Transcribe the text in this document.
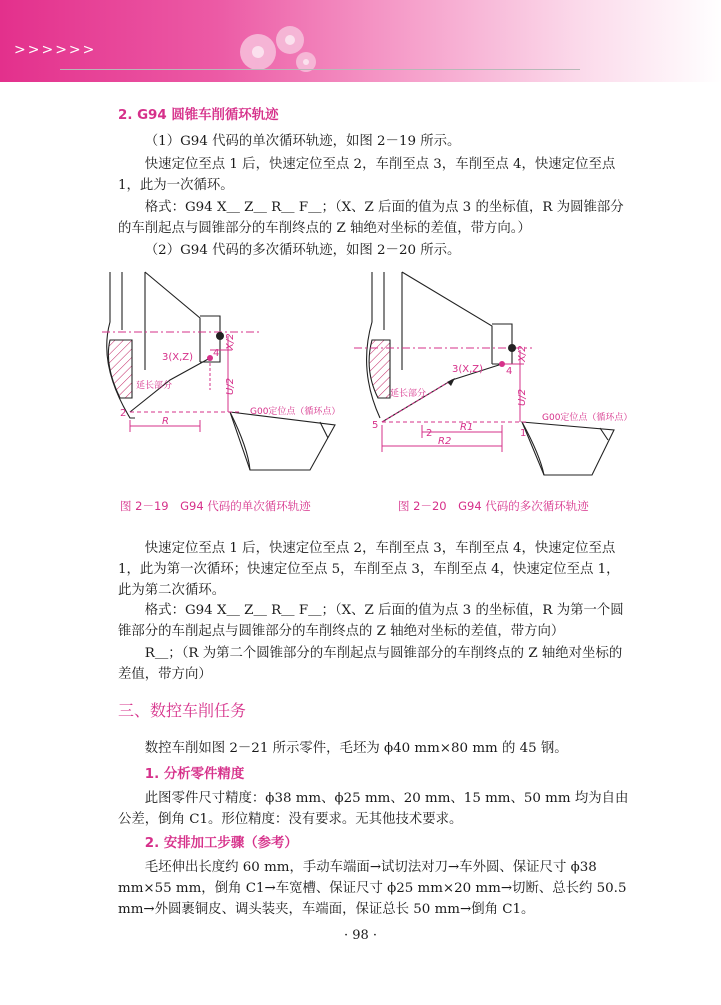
>>>>>>
2. G94 圆锥车削循环轨迹
（1）G94 代码的单次循环轨迹，如图 2－19 所示。
快速定位至点 1 后，快速定位至点 2，车削至点 3，车削至点 4，快速定位至点 1，此为一次循环。
格式：G94 X＿ Z＿ R＿ F＿；（X、Z 后面的值为点 3 的坐标值，R 为圆锥部分的车削起点与圆锥部分的车削终点的 Z 轴绝对坐标的差值，带方向。）
（2）G94 代码的多次循环轨迹，如图 2－20 所示。
3(X,Z) 4
2
延长部分
G00定位点（循环点）
R
X/2
U/2
3(X,Z) 4
5
2	1
延长部分
G00定位点（循环点）
R1
R2
X/2
U/2
图 2－19　G94 代码的单次循环轨迹	图 2－20　G94 代码的多次循环轨迹
快速定位至点 1 后，快速定位至点 2，车削至点 3，车削至点 4，快速定位至点 1，此为第一次循环；快速定位至点 5，车削至点 3，车削至点 4，快速定位至点 1，此为第二次循环。
格式：G94 X＿ Z＿ R＿ F＿；（X、Z 后面的值为点 3 的坐标值，R 为第一个圆锥部分的车削起点与圆锥部分的车削终点的 Z 轴绝对坐标的差值，带方向）
R＿；（R 为第二个圆锥部分的车削起点与圆锥部分的车削终点的 Z 轴绝对坐标的差值，带方向）
三、数控车削任务
数控车削如图 2－21 所示零件，毛坯为 ϕ40 mm×80 mm 的 45 钢。
1. 分析零件精度
此图零件尺寸精度：ϕ38 mm、ϕ25 mm、20 mm、15 mm、50 mm 均为自由公差，倒角 C1。形位精度：没有要求。无其他技术要求。
2. 安排加工步骤（参考）
毛坯伸出长度约 60 mm，手动车端面→试切法对刀→车外圆、保证尺寸 ϕ38 mm×55 mm，倒角 C1→车宽槽、保证尺寸 ϕ25 mm×20 mm→切断、总长约 50.5 mm→外圆裹铜皮、调头装夹，车端面，保证总长 50 mm→倒角 C1。
· 98 ·
